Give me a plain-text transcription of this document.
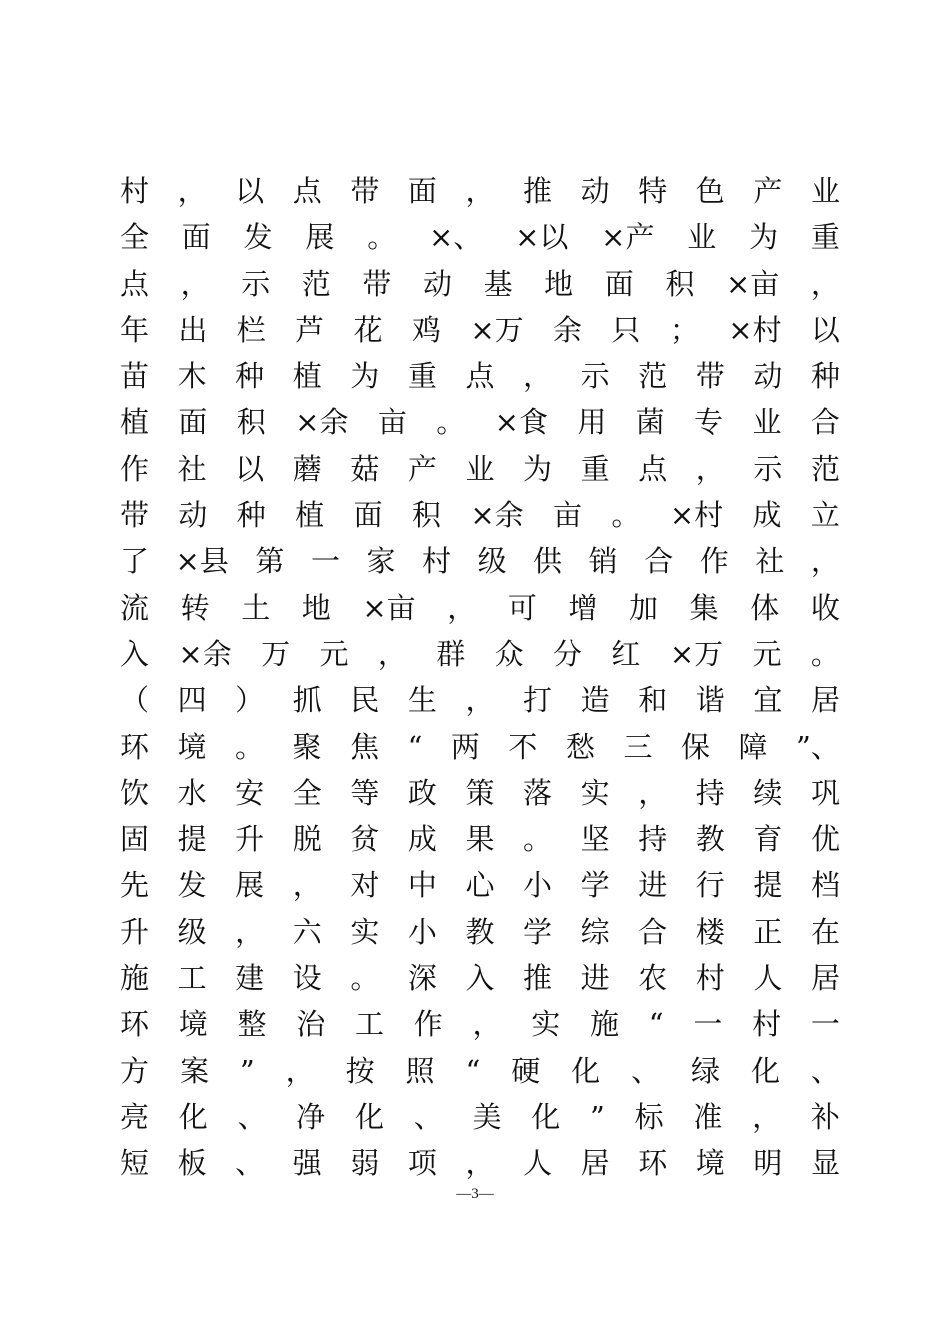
村 ， 以 点 带 面 ， 推 动 特 色 产 业
全 面 发 展 。 ×、 ×以 ×产 业 为 重
点 ， 示 范 带 动 基 地 面 积 ×亩 ，
年 出 栏 芦 花 鸡 ×万 余 只 ； ×村 以
苗 木 种 植 为 重 点 ， 示 范 带 动 种
植 面 积 ×余 亩 。 ×食 用 菌 专 业 合
作 社 以 蘑 菇 产 业 为 重 点 ， 示 范
带 动 种 植 面 积 ×余 亩 。 ×村 成 立
了 ×县 第 一 家 村 级 供 销 合 作 社 ，
流 转 土 地 ×亩 ， 可 增 加 集 体 收
入 ×余 万 元 ， 群 众 分 红 ×万 元 。
（ 四 ） 抓 民 生 ， 打 造 和 谐 宜 居
环 境 。 聚 焦 “ 两 不 愁 三 保 障 ”、
饮 水 安 全 等 政 策 落 实 ， 持 续 巩
固 提 升 脱 贫 成 果 。 坚 持 教 育 优
先 发 展 ， 对 中 心 小 学 进 行 提 档
升 级 ， 六 实 小 教 学 综 合 楼 正 在
施 工 建 设 。 深 入 推 进 农 村 人 居
环 境 整 治 工 作 ， 实 施 “ 一 村 一
方 案 ” ， 按 照 “ 硬 化 、 绿 化 、
亮 化 、 净 化 、 美 化 ” 标 准 ， 补
短 板 、 强 弱 项 ， 人 居 环 境 明 显
—3—
